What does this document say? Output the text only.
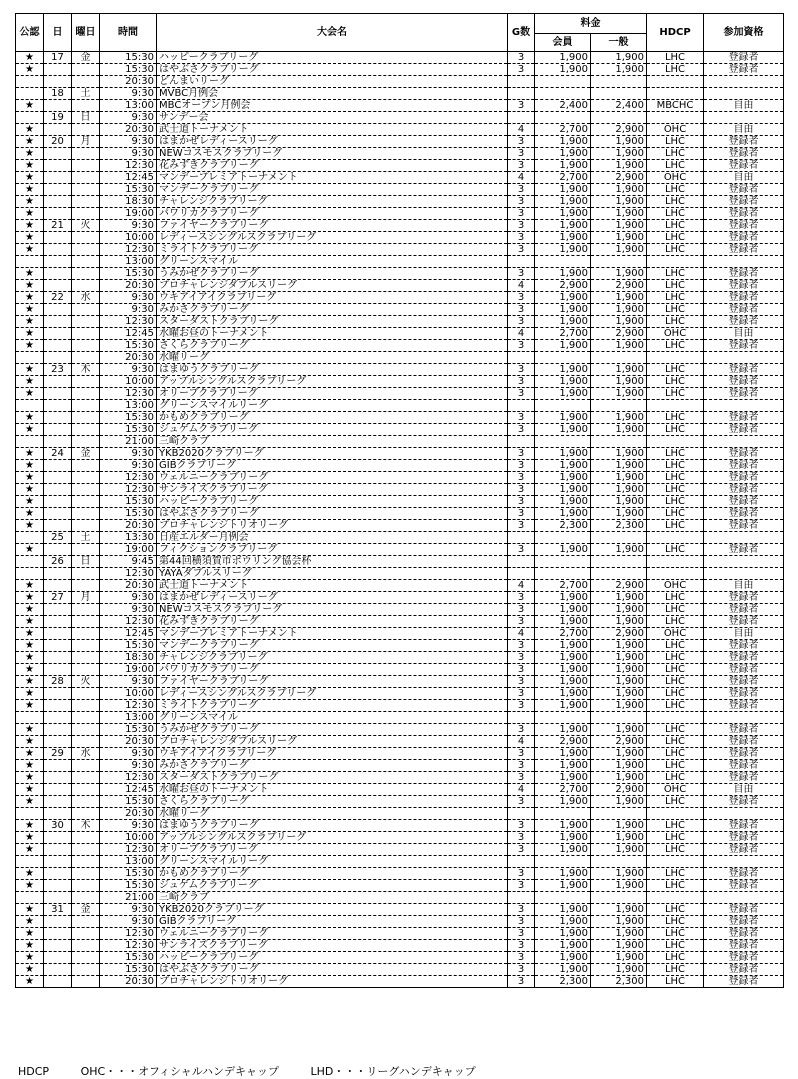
公認	日	曜日	時間	大会名	G数	料金		HDCP	参加資格
						会員	一般		
★	17	金	15:30	ハッピークラブリーグ	3	1,900	1,900	LHC	登録者
★			15:30	はやぶさクラブリーグ	3	1,900	1,900	LHC	登録者
			20:30	どんまいリーグ					
	18	土	9:30	MVBC月例会					
★			13:00	MBCオープン月例会	3	2,400	2,400	MBCHC	自由
	19	日	9:30	サンデー会					
★			20:30	武士道トーナメント	4	2,700	2,900	OHC	自由
★	20	月	9:30	はまかぜレディースリーグ	3	1,900	1,900	LHC	登録者
★			9:30	NEWコスモスクラブリーグ	3	1,900	1,900	LHC	登録者
★			12:30	花みずきクラブリーグ	3	1,900	1,900	LHC	登録者
★			12:45	マンデープレミアトーナメント	4	2,700	2,900	OHC	自由
★			15:30	マンデークラブリーグ	3	1,900	1,900	LHC	登録者
★			18:30	チャレンジクラブリーグ	3	1,900	1,900	LHC	登録者
★			19:00	パワリカクラブリーグ	3	1,900	1,900	LHC	登録者
★	21	火	9:30	ファイヤークラブリーグ	3	1,900	1,900	LHC	登録者
★			10:00	レディースシングルスクラブリーグ	3	1,900	1,900	LHC	登録者
★			12:30	ミライトクラブリーグ	3	1,900	1,900	LHC	登録者
			13:00	グリーンスマイル					
★			15:30	うみかぜクラブリーグ	3	1,900	1,900	LHC	登録者
★			20:30	プロチャレンジダブルスリーグ	4	2,900	2,900	LHC	登録者
★	22	水	9:30	ウキアイアイクラブリーグ	3	1,900	1,900	LHC	登録者
★			9:30	みかさクラブリーグ	3	1,900	1,900	LHC	登録者
★			12:30	スターダストクラブリーグ	3	1,900	1,900	LHC	登録者
★			12:45	水曜お昼のトーナメント	4	2,700	2,900	OHC	自由
★			15:30	さくらクラブリーグ	3	1,900	1,900	LHC	登録者
			20:30	水曜リーグ					
★	23	木	9:30	はまゆうクラブリーグ	3	1,900	1,900	LHC	登録者
★			10:00	アップルシングルスクラブリーグ	3	1,900	1,900	LHC	登録者
★			12:30	オリーブクラブリーグ	3	1,900	1,900	LHC	登録者
			13:00	グリーンスマイルリーグ					
★			15:30	かもめクラブリーグ	3	1,900	1,900	LHC	登録者
★			15:30	ジュゲムクラブリーグ	3	1,900	1,900	LHC	登録者
			21:00	三崎クラブ					
★	24	金	9:30	YKB2020クラブリーグ	3	1,900	1,900	LHC	登録者
★			9:30	GIBクラブリーグ	3	1,900	1,900	LHC	登録者
★			12:30	ウェルニークラブリーグ	3	1,900	1,900	LHC	登録者
★			12:30	サンライズクラブリーグ	3	1,900	1,900	LHC	登録者
★			15:30	ハッピークラブリーグ	3	1,900	1,900	LHC	登録者
★			15:30	はやぶさクラブリーグ	3	1,900	1,900	LHC	登録者
★			20:30	プロチャレンジトリオリーグ	3	2,300	2,300	LHC	登録者
	25	土	13:30	日産エルダー月例会					
★			19:00	フィクションクラブリーグ	3	1,900	1,900	LHC	登録者
	26	日	9:45	第44回横須賀市ボウリング協会杯					
			12:30	YAYAダブルスリーグ					
★			20:30	武士道トーナメント	4	2,700	2,900	OHC	自由
★	27	月	9:30	はまかぜレディースリーグ	3	1,900	1,900	LHC	登録者
★			9:30	NEWコスモスクラブリーグ	3	1,900	1,900	LHC	登録者
★			12:30	花みずきクラブリーグ	3	1,900	1,900	LHC	登録者
★			12:45	マンデープレミアトーナメント	4	2,700	2,900	OHC	自由
★			15:30	マンデークラブリーグ	3	1,900	1,900	LHC	登録者
★			18:30	チャレンジクラブリーグ	3	1,900	1,900	LHC	登録者
★			19:00	パワリカクラブリーグ	3	1,900	1,900	LHC	登録者
★	28	火	9:30	ファイヤークラブリーグ	3	1,900	1,900	LHC	登録者
★			10:00	レディースシングルスクラブリーグ	3	1,900	1,900	LHC	登録者
★			12:30	ミライトクラブリーグ	3	1,900	1,900	LHC	登録者
			13:00	グリーンスマイル					
★			15:30	うみかぜクラブリーグ	3	1,900	1,900	LHC	登録者
★			20:30	プロチャレンジダブルスリーグ	4	2,900	2,900	LHC	登録者
★	29	水	9:30	ウキアイアイクラブリーグ	3	1,900	1,900	LHC	登録者
★			9:30	みかさクラブリーグ	3	1,900	1,900	LHC	登録者
★			12:30	スターダストクラブリーグ	3	1,900	1,900	LHC	登録者
★			12:45	水曜お昼のトーナメント	4	2,700	2,900	OHC	自由
★			15:30	さくらクラブリーグ	3	1,900	1,900	LHC	登録者
			20:30	水曜リーグ					
★	30	木	9:30	はまゆうクラブリーグ	3	1,900	1,900	LHC	登録者
★			10:00	アップルシングルスクラブリーグ	3	1,900	1,900	LHC	登録者
★			12:30	オリーブクラブリーグ	3	1,900	1,900	LHC	登録者
			13:00	グリーンスマイルリーグ					
★			15:30	かもめクラブリーグ	3	1,900	1,900	LHC	登録者
★			15:30	ジュゲムクラブリーグ	3	1,900	1,900	LHC	登録者
			21:00	三崎クラブ					
★	31	金	9:30	YKB2020クラブリーグ	3	1,900	1,900	LHC	登録者
★			9:30	GIBクラブリーグ	3	1,900	1,900	LHC	登録者
★			12:30	ウェルニークラブリーグ	3	1,900	1,900	LHC	登録者
★			12:30	サンライズクラブリーグ	3	1,900	1,900	LHC	登録者
★			15:30	ハッピークラブリーグ	3	1,900	1,900	LHC	登録者
★			15:30	はやぶさクラブリーグ	3	1,900	1,900	LHC	登録者
★			20:30	プロチャレンジトリオリーグ	3	2,300	2,300	LHC	登録者
HDCP	OHC・・・オフィシャルハンデキャップ	LHD・・・リーグハンデキャップ
